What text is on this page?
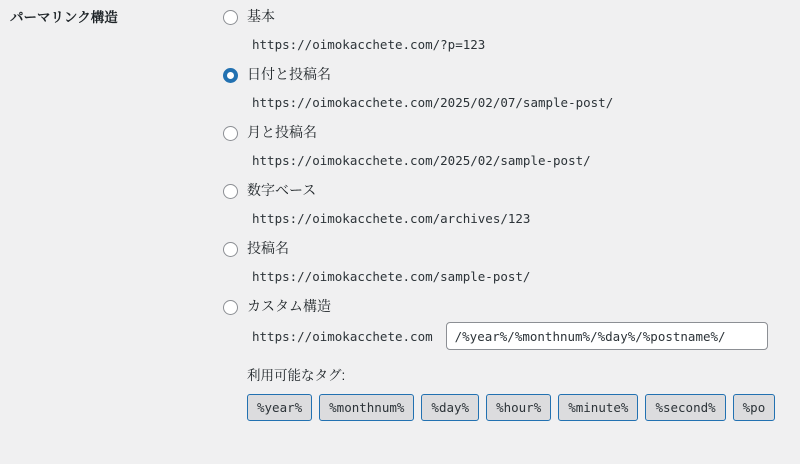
パーマリンク構造	基本
https://oimokacchete.com/?p=123
日付と投稿名
https://oimokacchete.com/2025/02/07/sample-post/
月と投稿名
https://oimokacchete.com/2025/02/sample-post/
数字ベース
https://oimokacchete.com/archives/123
投稿名
https://oimokacchete.com/sample-post/
カスタム構造
https://oimokacchete.com
/%year%/%monthnum%/%day%/%postname%/
利用可能なタグ:
%year%	%monthnum%	%day%	%hour%	%minute%	%second%	%po
